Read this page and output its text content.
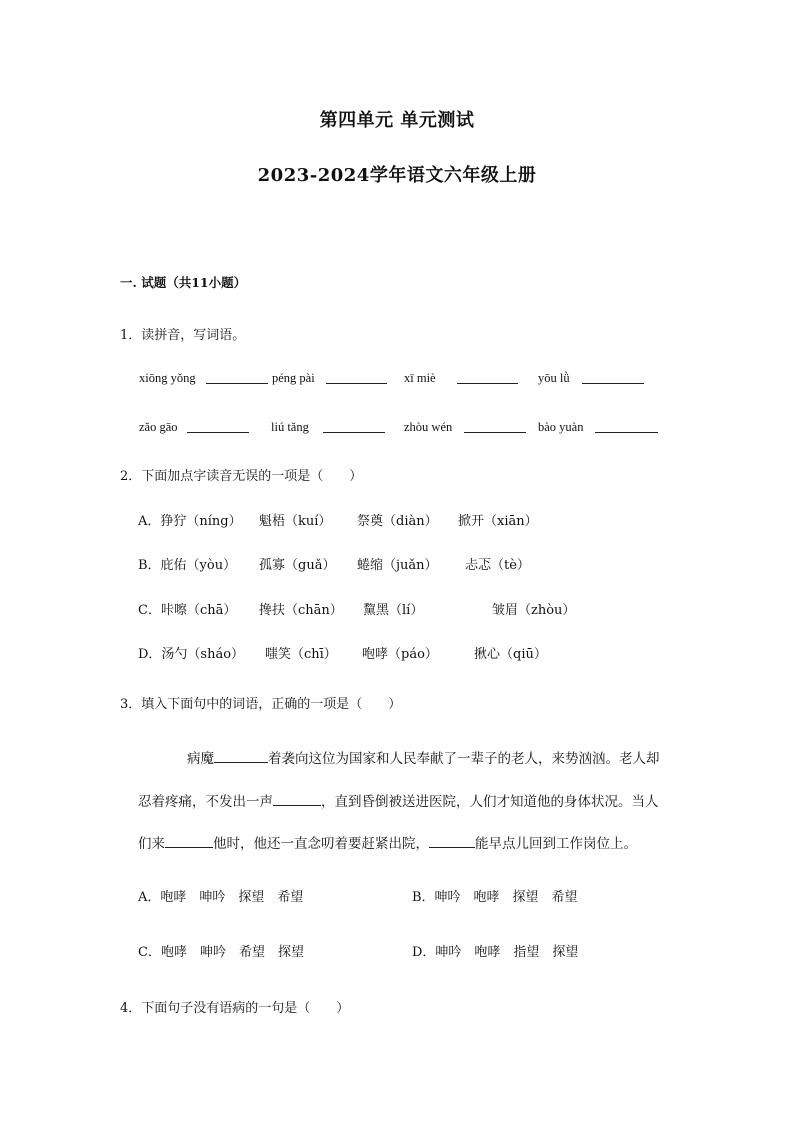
第四单元 单元测试
2023-2024学年语文六年级上册
一. 试题（共11小题）
1．读拼音，写词语。
xiōng yǒng	péng pài	xī miè	yōu lǜ
zǎo gāo	liú tǎng	zhòu wén	bào yuàn
2．下面加点字读音无误的一项是（　　）
A．狰狞（níng） 魁梧（kuí） 祭奠（diàn） 掀开（xiān）
B．庇佑（yòu） 孤寡（guǎ） 蜷缩（juǎn） 忐忑（tè）
C．咔嚓（chā） 搀扶（chān） 黧黑（lí）	皱眉（zhòu）
D．汤勺（sháo） 嗤笑（chī） 咆哮（páo）	揪心（qiū）
3．填入下面句中的词语，正确的一项是（　　）
病魔	着袭向这位为国家和人民奉献了一辈子的老人，来势汹汹。老人却
忍着疼痛，不发出一声	，直到昏倒被送进医院，人们才知道他的身体状况。当人
们来	他时，他还一直念叨着要赶紧出院，	能早点儿回到工作岗位上。
A．咆哮　呻吟　探望　希望	B．呻吟　咆哮　探望　希望
C．咆哮　呻吟　希望　探望	D．呻吟　咆哮　指望　探望
4．下面句子没有语病的一句是（　　）
